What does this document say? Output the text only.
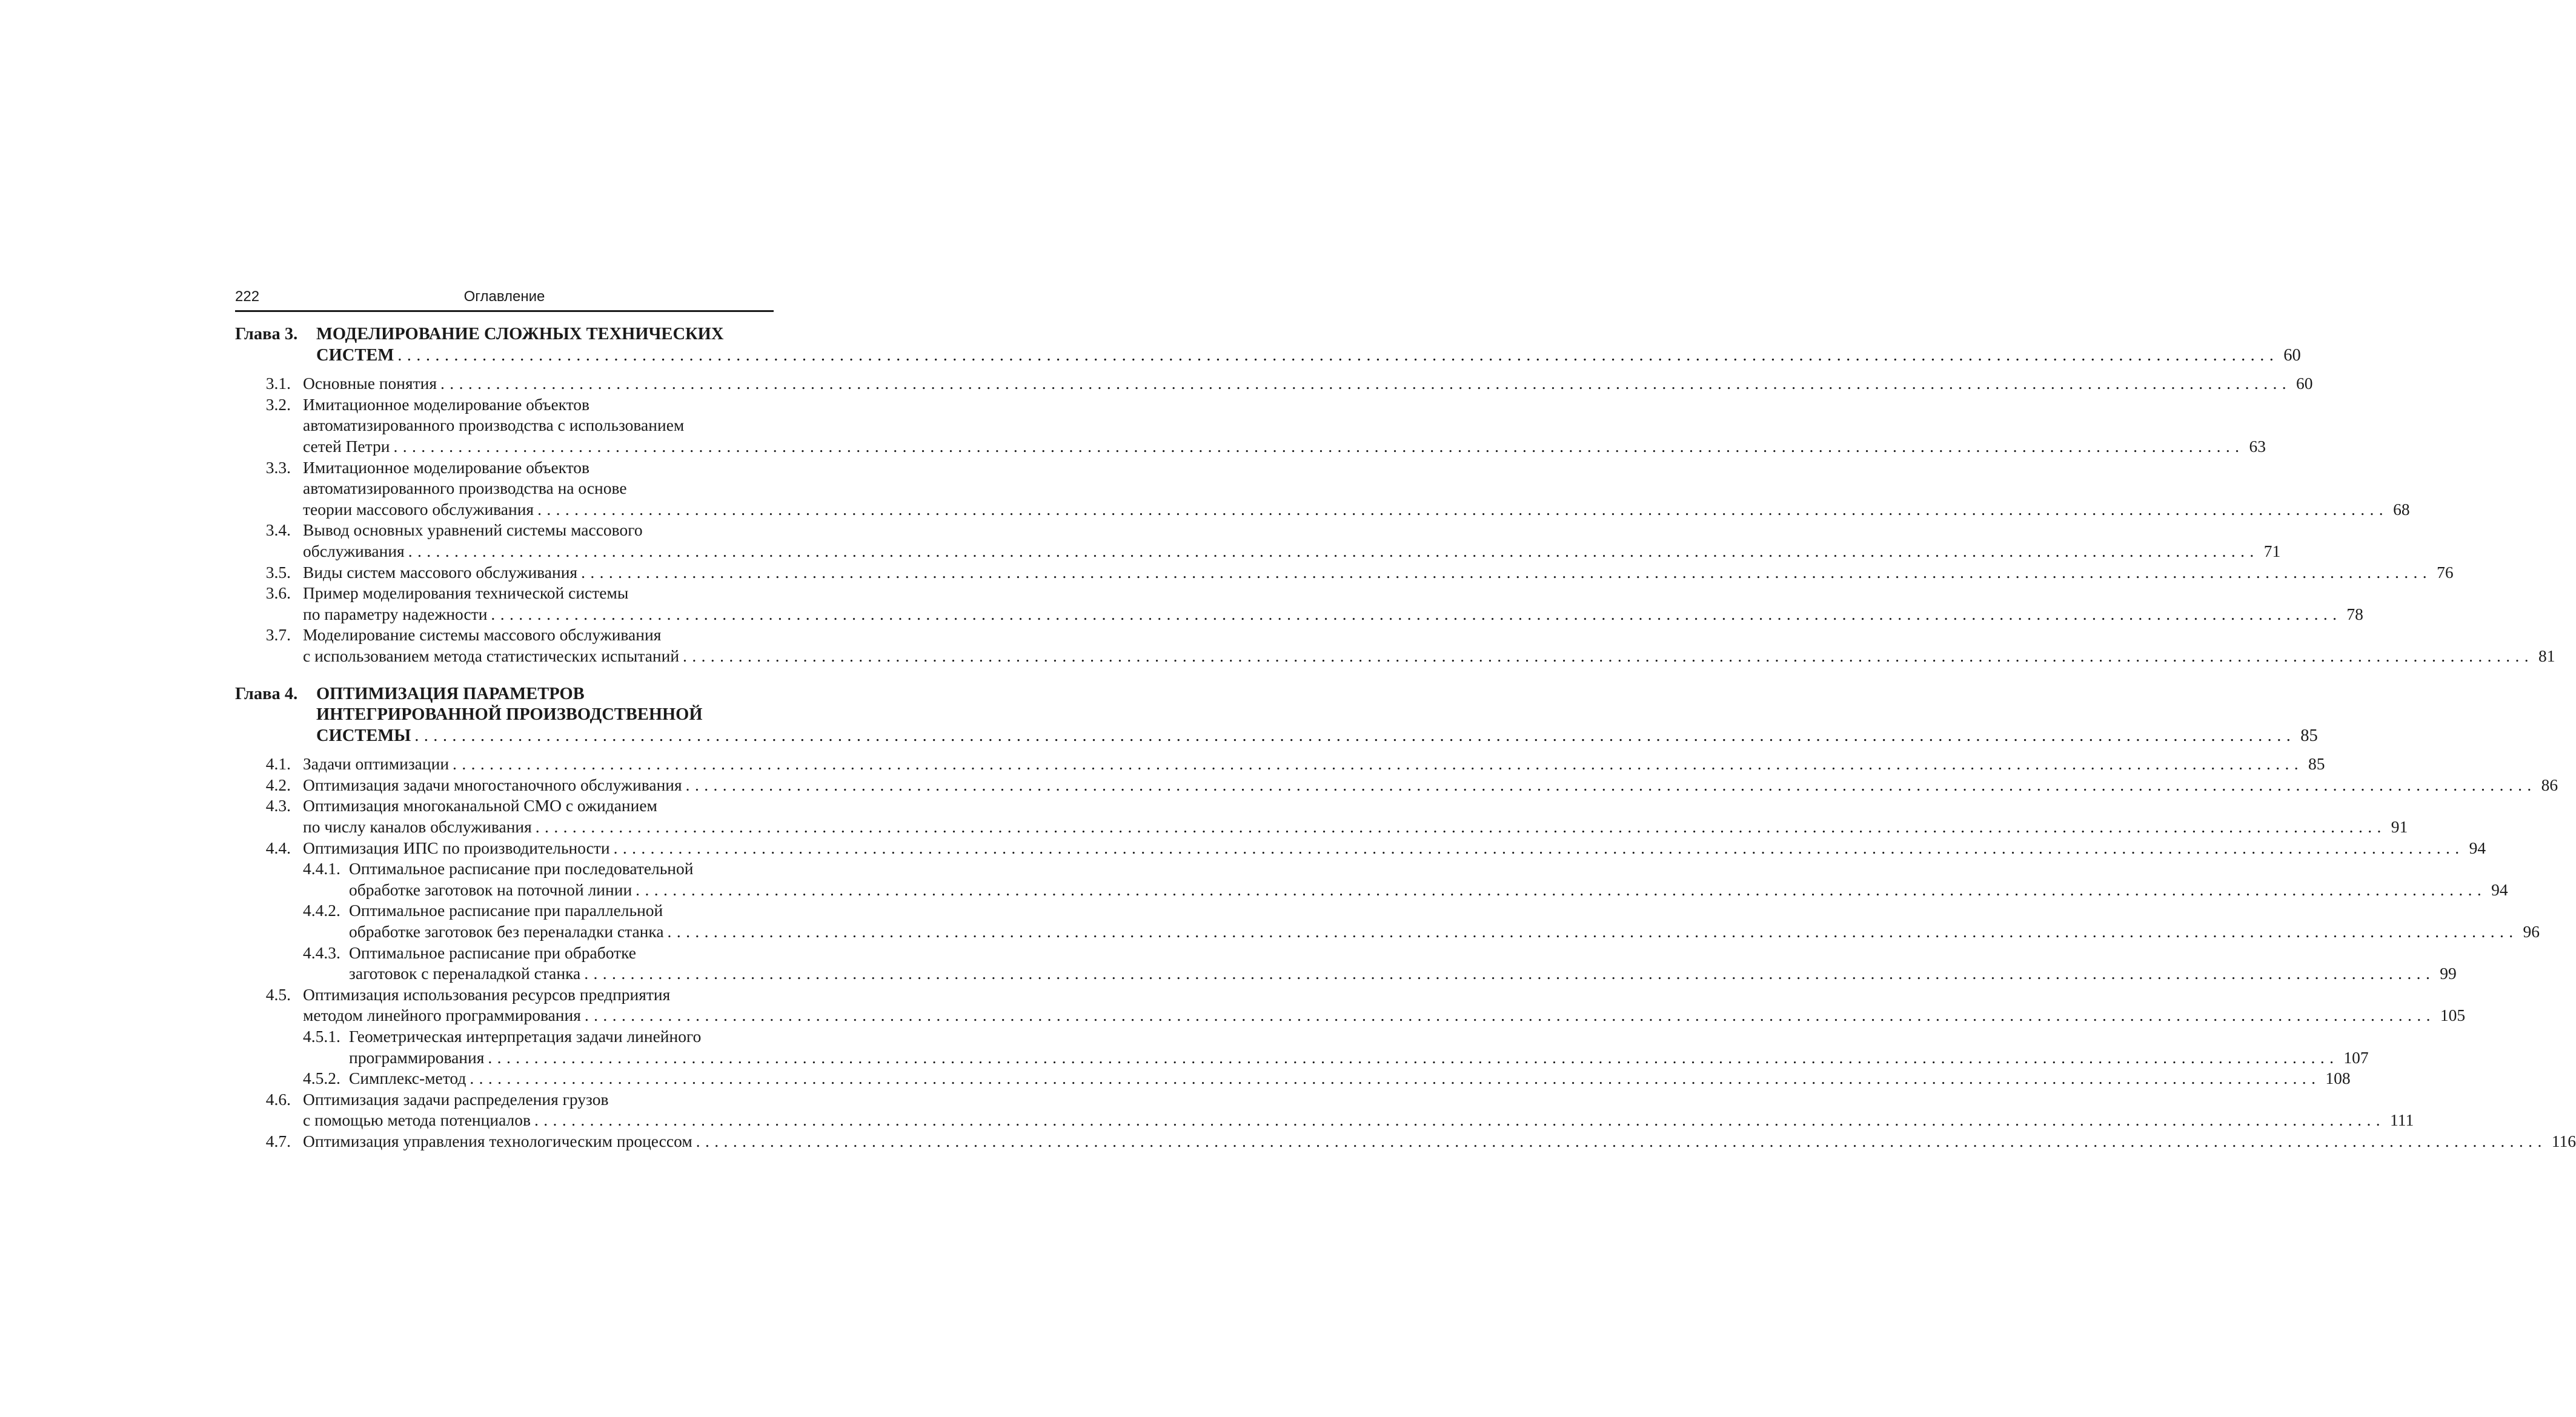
222	Оглавление
Глава 3. МОДЕЛИРОВАНИЕ СЛОЖНЫХ ТЕХНИЧЕСКИХ
СИСТЕМ ........................................................................................................................................................................................................ 60
3.1. Основные понятия ........................................................................................................................................................................................................ 60
3.2. Имитационное моделирование объектов
автоматизированного производства с использованием
сетей Петри ........................................................................................................................................................................................................ 63
3.3. Имитационное моделирование объектов
автоматизированного производства на основе
теории массового обслуживания ........................................................................................................................................................................................................ 68
3.4. Вывод основных уравнений системы массового
обслуживания ........................................................................................................................................................................................................ 71
3.5. Виды систем массового обслуживания ........................................................................................................................................................................................................ 76
3.6. Пример моделирования технической системы
по параметру надежности ........................................................................................................................................................................................................ 78
3.7. Моделирование системы массового обслуживания
с использованием метода статистических испытаний ........................................................................................................................................................................................................ 81
Глава 4. ОПТИМИЗАЦИЯ ПАРАМЕТРОВ
ИНТЕГРИРОВАННОЙ ПРОИЗВОДСТВЕННОЙ
СИСТЕМЫ ........................................................................................................................................................................................................ 85
4.1. Задачи оптимизации ........................................................................................................................................................................................................ 85
4.2. Оптимизация задачи многостаночного обслуживания ........................................................................................................................................................................................................ 86
4.3. Оптимизация многоканальной СМО с ожиданием
по числу каналов обслуживания ........................................................................................................................................................................................................ 91
4.4. Оптимизация ИПС по производительности ........................................................................................................................................................................................................ 94
4.4.1. Оптимальное расписание при последовательной
обработке заготовок на поточной линии ........................................................................................................................................................................................................ 94
4.4.2. Оптимальное расписание при параллельной
обработке заготовок без переналадки станка ........................................................................................................................................................................................................ 96
4.4.3. Оптимальное расписание при обработке
заготовок с переналадкой станка ........................................................................................................................................................................................................ 99
4.5. Оптимизация использования ресурсов предприятия
методом линейного программирования ........................................................................................................................................................................................................ 105
4.5.1. Геометрическая интерпретация задачи линейного
программирования ........................................................................................................................................................................................................ 107
4.5.2. Симплекс-метод ........................................................................................................................................................................................................ 108
4.6. Оптимизация задачи распределения грузов
с помощью метода потенциалов ........................................................................................................................................................................................................ 111
4.7. Оптимизация управления технологическим процессом ........................................................................................................................................................................................................ 116
